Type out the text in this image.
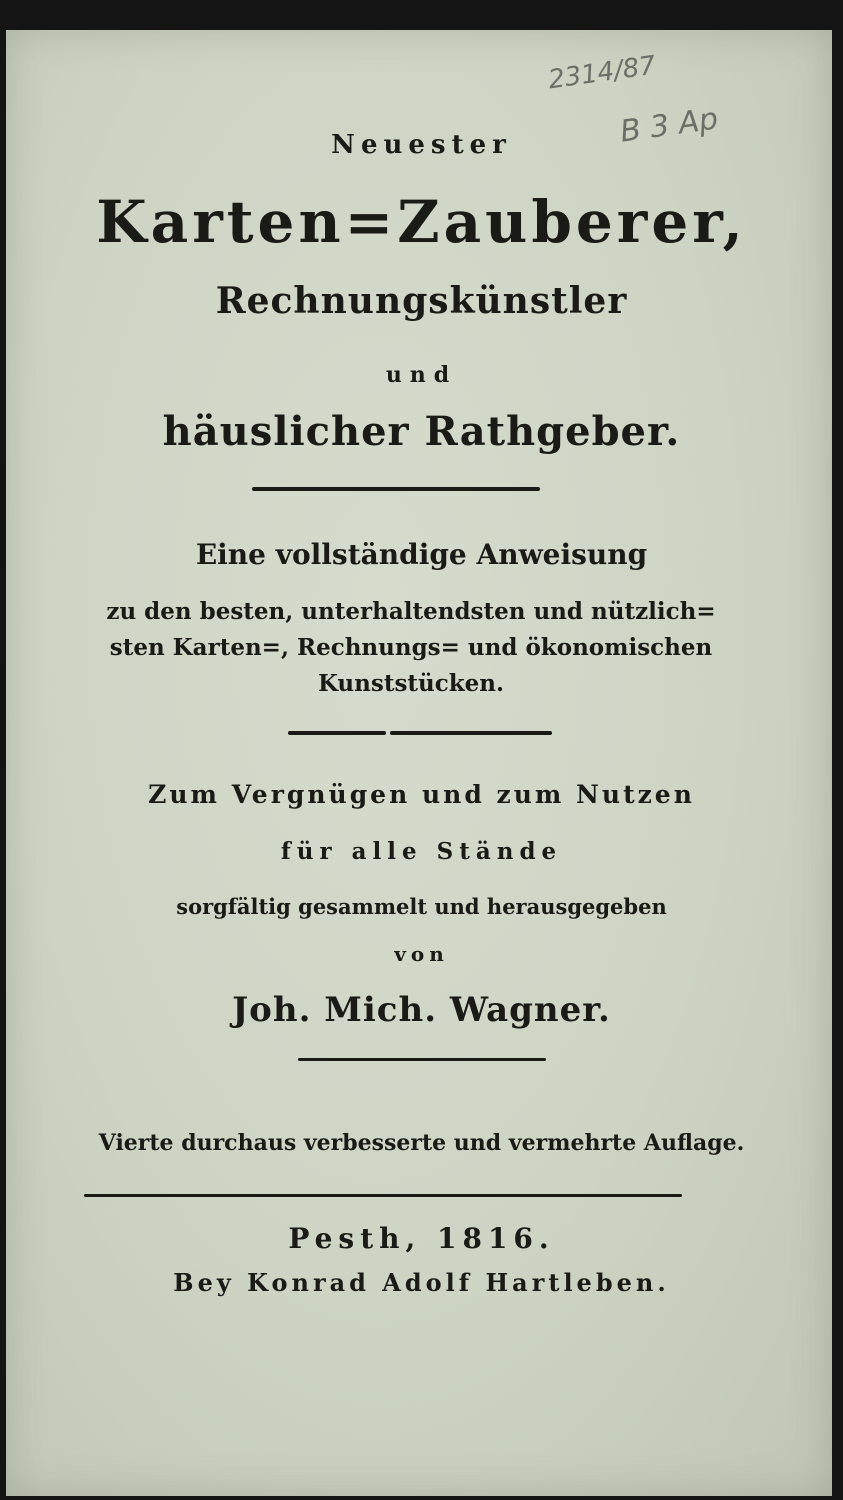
2314/87
B 3 Ap
Neuester
Karten=Zauberer,
Rechnungskünstler
und
häuslicher Rathgeber.
Eine vollständige Anweisung
zu den besten, unterhaltendsten und nützlich= sten Karten=, Rechnungs= und ökonomischen Kunststücken.
Zum Vergnügen und zum Nutzen
für alle Stände
sorgfältig gesammelt und herausgegeben
von
Joh. Mich. Wagner.
Vierte durchaus verbesserte und vermehrte Auflage.
Pesth, 1816.
Bey Konrad Adolf Hartleben.
